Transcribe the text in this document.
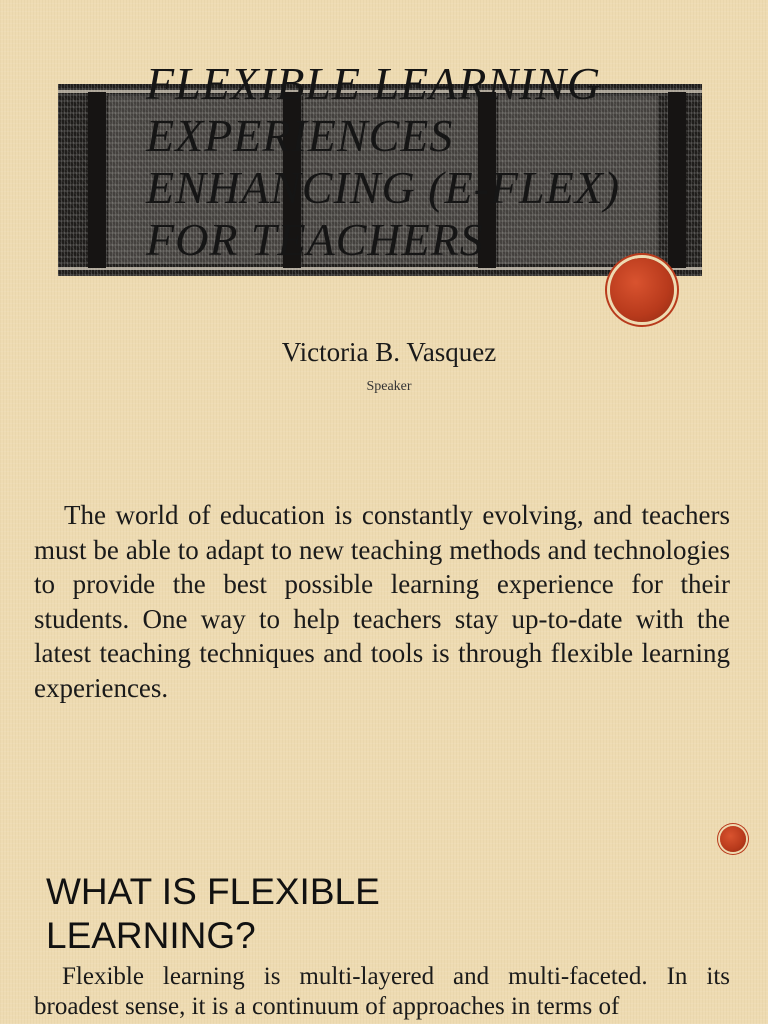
FLEXIBLE LEARNING EXPERIENCES ENHANCING (E-FLEX) FOR TEACHERS
Victoria B. Vasquez
Speaker

The world of education is constantly evolving, and teachers must be able to adapt to new teaching methods and technologies to provide the best possible learning experience for their students. One way to help teachers stay up-to-date with the latest teaching techniques and tools is through flexible learning experiences.

WHAT IS FLEXIBLE LEARNING?

Flexible learning is multi-layered and multi-faceted. In its broadest sense, it is a continuum of approaches in terms of
